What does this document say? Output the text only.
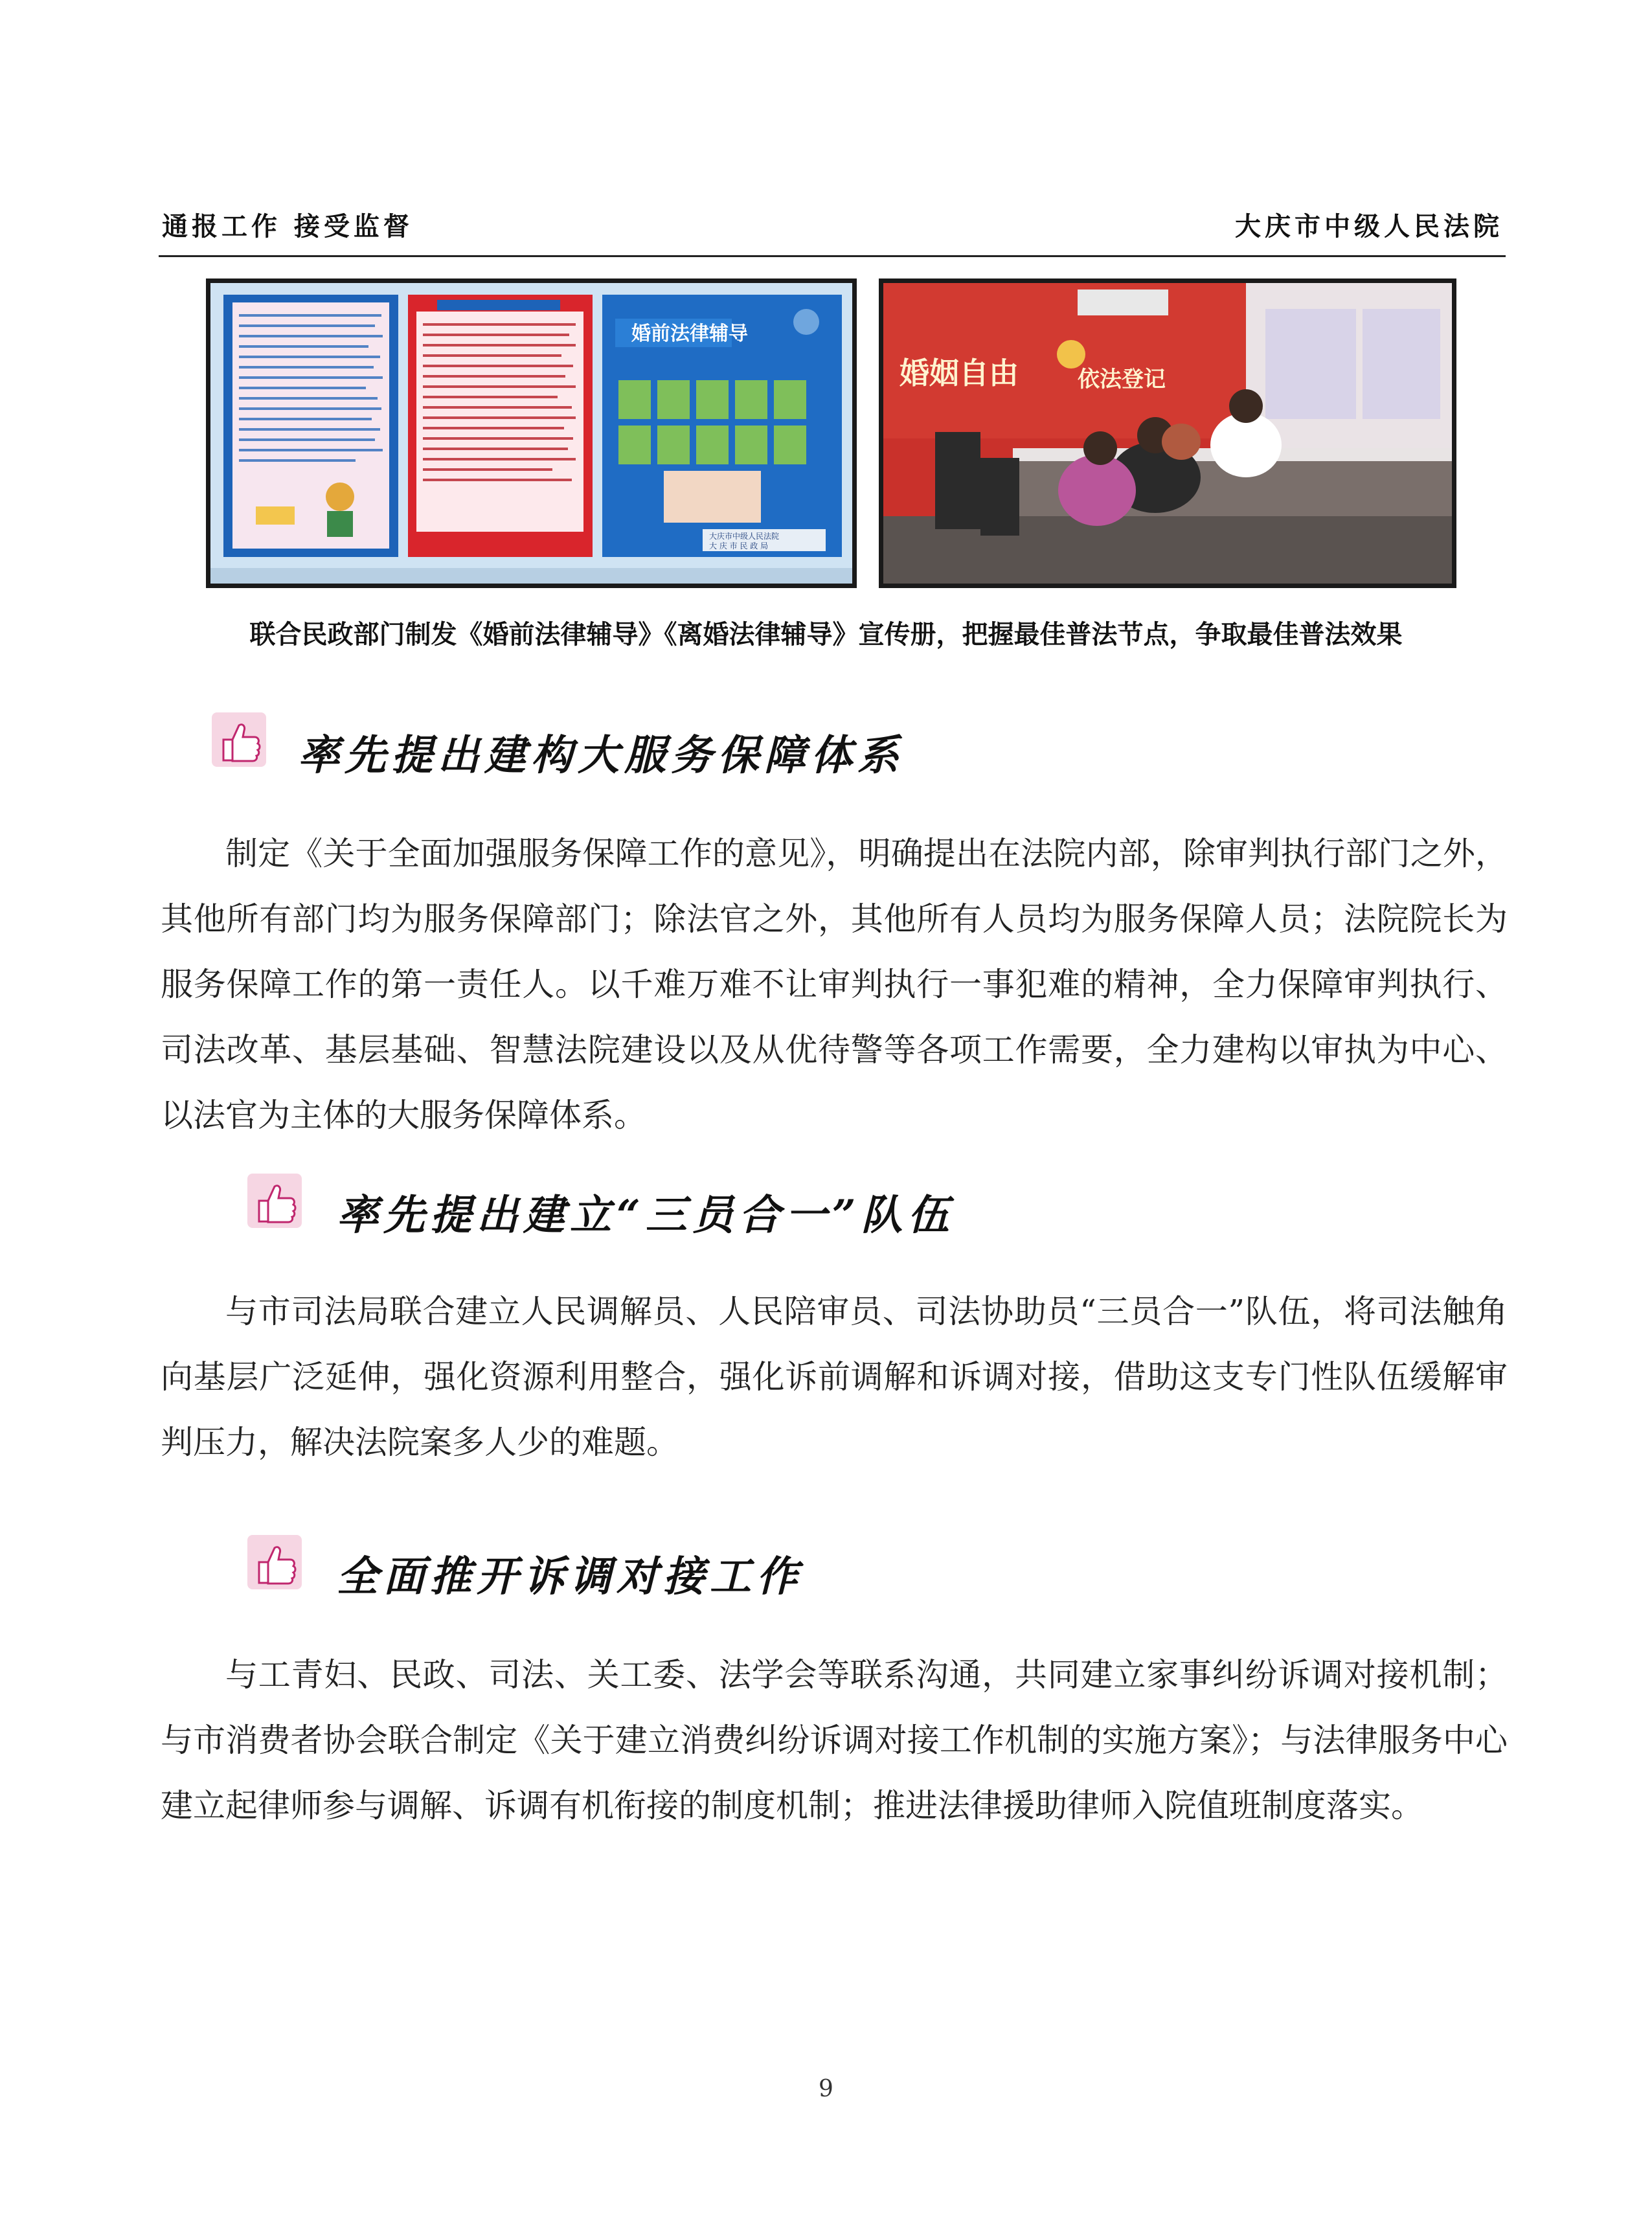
通报工作 接受监督	大庆市中级人民法院
婚前法律辅导
大庆市中级人民法院
大 庆 市 民 政 局
婚姻自由	依法登记
联合民政部门制发《婚前法律辅导》《离婚法律辅导》宣传册，把握最佳普法节点，争取最佳普法效果
率先提出建构大服务保障体系

制定《关于全面加强服务保障工作的意见》，明确提出在法院内部，除审判执行部门之外，其他所有部门均为服务保障部门；除法官之外，其他所有人员均为服务保障人员；法院院长为服务保障工作的第一责任人。以千难万难不让审判执行一事犯难的精神，全力保障审判执行、司法改革、基层基础、智慧法院建设以及从优待警等各项工作需要，全力建构以审执为中心、以法官为主体的大服务保障体系。

率先提出建立“三员合一”队伍

与市司法局联合建立人民调解员、人民陪审员、司法协助员“三员合一”队伍，将司法触角向基层广泛延伸，强化资源利用整合，强化诉前调解和诉调对接，借助这支专门性队伍缓解审判压力，解决法院案多人少的难题。

全面推开诉调对接工作

与工青妇、民政、司法、关工委、法学会等联系沟通，共同建立家事纠纷诉调对接机制；与市消费者协会联合制定《关于建立消费纠纷诉调对接工作机制的实施方案》；与法律服务中心建立起律师参与调解、诉调有机衔接的制度机制；推进法律援助律师入院值班制度落实。

9
